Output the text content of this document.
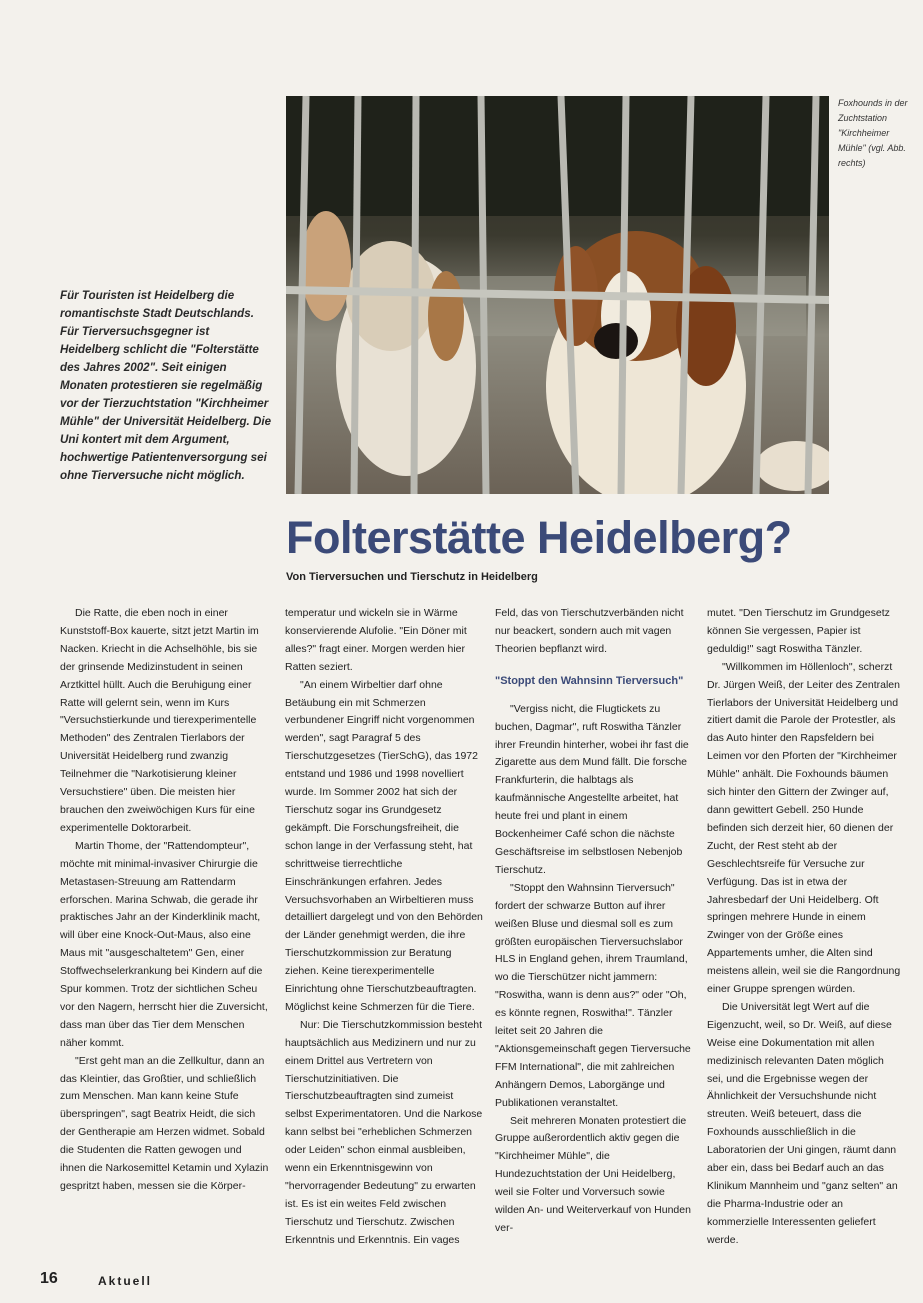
Foxhounds in der Zuchtstation "Kirchheimer Mühle" (vgl. Abb. rechts)
Für Touristen ist Heidelberg die romantischste Stadt Deutschlands. Für Tierversuchsgegner ist Heidelberg schlicht die "Folterstätte des Jahres 2002". Seit einigen Monaten protestieren sie regelmäßig vor der Tierzuchtstation "Kirchheimer Mühle" der Universität Heidelberg. Die Uni kontert mit dem Argument, hochwertige Patientenversorgung sei ohne Tierversuche nicht möglich.
Folterstätte Heidelberg?
Von Tierversuchen und Tierschutz in Heidelberg

Die Ratte, die eben noch in einer Kunststoff-Box kauerte, sitzt jetzt Martin im Nacken. Kriecht in die Achselhöhle, bis sie der grinsende Medizinstudent in seinen Arztkittel hüllt. Auch die Beruhigung einer Ratte will gelernt sein, wenn im Kurs "Versuchstierkunde und tierexperimentelle Methoden" des Zentralen Tierlabors der Universität Heidelberg rund zwanzig Teilnehmer die "Narkotisierung kleiner Versuchstiere" üben. Die meisten hier brauchen den zweiwöchigen Kurs für eine experimentelle Doktorarbeit.

Martin Thome, der "Rattendompteur", möchte mit minimal-invasiver Chirurgie die Metastasen-Streuung am Rattendarm erforschen. Marina Schwab, die gerade ihr praktisches Jahr an der Kinderklinik macht, will über eine Knock-Out-Maus, also eine Maus mit "ausgeschaltetem" Gen, einer Stoffwechselerkrankung bei Kindern auf die Spur kommen. Trotz der sichtlichen Scheu vor den Nagern, herrscht hier die Zuversicht, dass man über das Tier dem Menschen näher kommt.

"Erst geht man an die Zellkultur, dann an das Kleintier, das Großtier, und schließlich zum Menschen. Man kann keine Stufe überspringen", sagt Beatrix Heidt, die sich der Gentherapie am Herzen widmet. Sobald die Studenten die Ratten gewogen und ihnen die Narkosemittel Ketamin und Xylazin gespritzt haben, messen sie die Körper-

temperatur und wickeln sie in Wärme konservierende Alufolie. "Ein Döner mit alles?" fragt einer. Morgen werden hier Ratten seziert.

"An einem Wirbeltier darf ohne Betäubung ein mit Schmerzen verbundener Eingriff nicht vorgenommen werden", sagt Paragraf 5 des Tierschutzgesetzes (TierSchG), das 1972 entstand und 1986 und 1998 novelliert wurde. Im Sommer 2002 hat sich der Tierschutz sogar ins Grundgesetz gekämpft. Die Forschungsfreiheit, die schon lange in der Verfassung steht, hat schrittweise tierrechtliche Einschränkungen erfahren. Jedes Versuchsvorhaben an Wirbeltieren muss detailliert dargelegt und von den Behörden der Länder genehmigt werden, die ihre Tierschutzkommission zur Beratung ziehen. Keine tierexperimentelle Einrichtung ohne Tierschutzbeauftragten. Möglichst keine Schmerzen für die Tiere.

Nur: Die Tierschutzkommission besteht hauptsächlich aus Medizinern und nur zu einem Drittel aus Vertretern von Tierschutzinitiativen. Die Tierschutzbeauftragten sind zumeist selbst Experimentatoren. Und die Narkose kann selbst bei "erheblichen Schmerzen oder Leiden" schon einmal ausbleiben, wenn ein Erkenntnisgewinn von "hervorragender Bedeutung" zu erwarten ist. Es ist ein weites Feld zwischen Tierschutz und Tierschutz. Zwischen Erkenntnis und Erkenntnis. Ein vages

Feld, das von Tierschutzverbänden nicht nur beackert, sondern auch mit vagen Theorien bepflanzt wird.

"Stoppt den Wahnsinn Tierversuch"

"Vergiss nicht, die Flugtickets zu buchen, Dagmar", ruft Roswitha Tänzler ihrer Freundin hinterher, wobei ihr fast die Zigarette aus dem Mund fällt. Die forsche Frankfurterin, die halbtags als kaufmännische Angestellte arbeitet, hat heute frei und plant in einem Bockenheimer Café schon die nächste Geschäftsreise im selbstlosen Nebenjob Tierschutz.

"Stoppt den Wahnsinn Tierversuch" fordert der schwarze Button auf ihrer weißen Bluse und diesmal soll es zum größten europäischen Tierversuchslabor HLS in England gehen, ihrem Traumland, wo die Tierschützer nicht jammern: "Roswitha, wann is denn aus?" oder "Oh, es könnte regnen, Roswitha!". Tänzler leitet seit 20 Jahren die "Aktionsgemeinschaft gegen Tierversuche FFM International", die mit zahlreichen Anhängern Demos, Laborgänge und Publikationen veranstaltet.

Seit mehreren Monaten protestiert die Gruppe außerordentlich aktiv gegen die "Kirchheimer Mühle", die Hundezuchtstation der Uni Heidelberg, weil sie Folter und Vorversuch sowie wilden An- und Weiterverkauf von Hunden ver-

mutet. "Den Tierschutz im Grundgesetz können Sie vergessen, Papier ist geduldig!" sagt Roswitha Tänzler.

"Willkommen im Höllenloch", scherzt Dr. Jürgen Weiß, der Leiter des Zentralen Tierlabors der Universität Heidelberg und zitiert damit die Parole der Protestler, als das Auto hinter den Rapsfeldern bei Leimen vor den Pforten der "Kirchheimer Mühle" anhält. Die Foxhounds bäumen sich hinter den Gittern der Zwinger auf, dann gewittert Gebell. 250 Hunde befinden sich derzeit hier, 60 dienen der Zucht, der Rest steht ab der Geschlechtsreife für Versuche zur Verfügung. Das ist in etwa der Jahresbedarf der Uni Heidelberg. Oft springen mehrere Hunde in einem Zwinger von der Größe eines Appartements umher, die Alten sind meistens allein, weil sie die Rangordnung einer Gruppe sprengen würden.

Die Universität legt Wert auf die Eigenzucht, weil, so Dr. Weiß, auf diese Weise eine Dokumentation mit allen medizinisch relevanten Daten möglich sei, und die Ergebnisse wegen der Ähnlichkeit der Versuchshunde nicht streuten. Weiß beteuert, dass die Foxhounds ausschließlich in die Laboratorien der Uni gingen, räumt dann aber ein, dass bei Bedarf auch an das Klinikum Mannheim und "ganz selten" an die Pharma-Industrie oder an kommerzielle Interessenten geliefert werde.

16	Aktuell
